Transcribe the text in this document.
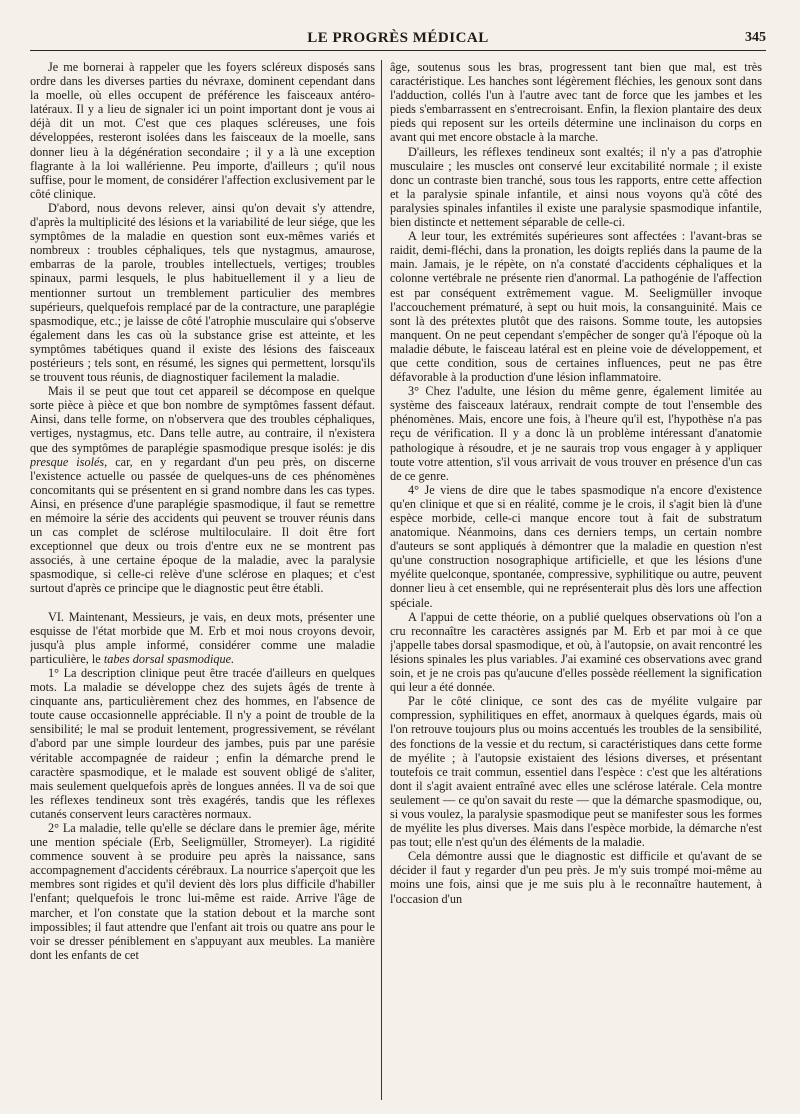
LE PROGRÈS MÉDICAL	345

Je me bornerai à rappeler que les foyers scléreux disposés sans ordre dans les diverses parties du névraxe, dominent cependant dans la moelle, où elles occupent de préférence les faisceaux antéro-latéraux. Il y a lieu de signaler ici un point important dont je vous ai déjà dit un mot. C'est que ces plaques scléreuses, une fois développées, resteront isolées dans les faisceaux de la moelle, sans donner lieu à la dégénération secondaire ; il y a là une exception flagrante à la loi wallérienne. Peu importe, d'ailleurs ; qu'il nous suffise, pour le moment, de considérer l'affection exclusivement par le côté clinique.

D'abord, nous devons relever, ainsi qu'on devait s'y attendre, d'après la multiplicité des lésions et la variabilité de leur siége, que les symptômes de la maladie en question sont eux-mêmes variés et nombreux : troubles céphaliques, tels que nystagmus, amaurose, embarras de la parole, troubles intellectuels, vertiges; troubles spinaux, parmi lesquels, le plus habituellement il y a lieu de mentionner surtout un tremblement particulier des membres supérieurs, quelquefois remplacé par de la contracture, une paraplégie spasmodique, etc.; je laisse de côté l'atrophie musculaire qui s'observe également dans les cas où la substance grise est atteinte, et les symptômes tabétiques quand il existe des lésions des faisceaux postérieurs ; tels sont, en résumé, les signes qui permettent, lorsqu'ils se trouvent tous réunis, de diagnostiquer facilement la maladie.

Mais il se peut que tout cet appareil se décompose en quelque sorte pièce à pièce et que bon nombre de symptômes fassent défaut. Ainsi, dans telle forme, on n'observera que des troubles céphaliques, vertiges, nystagmus, etc. Dans telle autre, au contraire, il n'existera que des symptômes de paraplégie spasmodique presque isolés: je dis presque isolés, car, en y regardant d'un peu près, on discerne l'existence actuelle ou passée de quelques-uns de ces phénomènes concomitants qui se présentent en si grand nombre dans les cas types. Ainsi, en présence d'une paraplégie spasmodique, il faut se remettre en mémoire la série des accidents qui peuvent se trouver réunis dans un cas complet de sclérose multiloculaire. Il doit être fort exceptionnel que deux ou trois d'entre eux ne se montrent pas associés, à une certaine époque de la maladie, avec la paralysie spasmodique, si celle-ci relève d'une sclérose en plaques; et c'est surtout d'après ce principe que le diagnostic peut être établi.

VI. Maintenant, Messieurs, je vais, en deux mots, présenter une esquisse de l'état morbide que M. Erb et moi nous croyons devoir, jusqu'à plus ample informé, considérer comme une maladie particulière, le tabes dorsal spasmodique.

1° La description clinique peut être tracée d'ailleurs en quelques mots. La maladie se développe chez des sujets âgés de trente à cinquante ans, particulièrement chez des hommes, en l'absence de toute cause occasionnelle appréciable. Il n'y a point de trouble de la sensibilité; le mal se produit lentement, progressivement, se révélant d'abord par une simple lourdeur des jambes, puis par une parésie véritable accompagnée de raideur ; enfin la démarche prend le caractère spasmodique, et le malade est souvent obligé de s'aliter, mais seulement quelquefois après de longues années. Il va de soi que les réflexes tendineux sont très exagérés, tandis que les réflexes cutanés conservent leurs caractères normaux.

2° La maladie, telle qu'elle se déclare dans le premier âge, mérite une mention spéciale (Erb, Seeligmüller, Stromeyer). La rigidité commence souvent à se produire peu après la naissance, sans accompagnement d'accidents cérébraux. La nourrice s'aperçoit que les membres sont rigides et qu'il devient dès lors plus difficile d'habiller l'enfant; quelquefois le tronc lui-même est raide. Arrive l'âge de marcher, et l'on constate que la station debout et la marche sont impossibles; il faut attendre que l'enfant ait trois ou quatre ans pour le voir se dresser péniblement en s'appuyant aux meubles. La manière dont les enfants de cet

âge, soutenus sous les bras, progressent tant bien que mal, est très caractéristique. Les hanches sont légèrement fléchies, les genoux sont dans l'adduction, collés l'un à l'autre avec tant de force que les jambes et les pieds s'embarrassent en s'entrecroisant. Enfin, la flexion plantaire des deux pieds qui reposent sur les orteils détermine une inclinaison du corps en avant qui met encore obstacle à la marche.

D'ailleurs, les réflexes tendineux sont exaltés; il n'y a pas d'atrophie musculaire ; les muscles ont conservé leur excitabilité normale ; il existe donc un contraste bien tranché, sous tous les rapports, entre cette affection et la paralysie spinale infantile, et ainsi nous voyons qu'à côté des paralysies spinales infantiles il existe une paralysie spasmodique infantile, bien distincte et nettement séparable de celle-ci.

A leur tour, les extrémités supérieures sont affectées : l'avant-bras se raidit, demi-fléchi, dans la pronation, les doigts repliés dans la paume de la main. Jamais, je le répète, on n'a constaté d'accidents céphaliques et la colonne vertébrale ne présente rien d'anormal. La pathogénie de l'affection est par conséquent extrêmement vague. M. Seeligmüller invoque l'accouchement prématuré, à sept ou huit mois, la consanguinité. Mais ce sont là des prétextes plutôt que des raisons. Somme toute, les autopsies manquent. On ne peut cependant s'empêcher de songer qu'à l'époque où la maladie débute, le faisceau latéral est en pleine voie de développement, et que cette condition, sous de certaines influences, peut ne pas être défavorable à la production d'une lésion inflammatoire.

3° Chez l'adulte, une lésion du même genre, également limitée au système des faisceaux latéraux, rendrait compte de tout l'ensemble des phénomènes. Mais, encore une fois, à l'heure qu'il est, l'hypothèse n'a pas reçu de vérification. Il y a donc là un problème intéressant d'anatomie pathologique à résoudre, et je ne saurais trop vous engager à y appliquer toute votre attention, s'il vous arrivait de vous trouver en présence d'un cas de ce genre.

4° Je viens de dire que le tabes spasmodique n'a encore d'existence qu'en clinique et que si en réalité, comme je le crois, il s'agit bien là d'une espèce morbide, celle-ci manque encore tout à fait de substratum anatomique. Néanmoins, dans ces derniers temps, un certain nombre d'auteurs se sont appliqués à démontrer que la maladie en question n'est qu'une construction nosographique artificielle, et que les lésions d'une myélite quelconque, spontanée, compressive, syphilitique ou autre, peuvent donner lieu à cet ensemble, qui ne représenterait plus dès lors une affection spéciale.

A l'appui de cette théorie, on a publié quelques observations où l'on a cru reconnaître les caractères assignés par M. Erb et par moi à ce que j'appelle tabes dorsal spasmodique, et où, à l'autopsie, on avait rencontré les lésions spinales les plus variables. J'ai examiné ces observations avec grand soin, et je ne crois pas qu'aucune d'elles possède réellement la signification qui leur a été donnée.

Par le côté clinique, ce sont des cas de myélite vulgaire par compression, syphilitiques en effet, anormaux à quelques égards, mais où l'on retrouve toujours plus ou moins accentués les troubles de la sensibilité, des fonctions de la vessie et du rectum, si caractéristiques dans cette forme de myélite ; à l'autopsie existaient des lésions diverses, et présentant toutefois ce trait commun, essentiel dans l'espèce : c'est que les altérations dont il s'agit avaient entraîné avec elles une sclérose latérale. Cela montre seulement — ce qu'on savait du reste — que la démarche spasmodique, ou, si vous voulez, la paralysie spasmodique peut se manifester sous les formes de myélite les plus diverses. Mais dans l'espèce morbide, la démarche n'est pas tout; elle n'est qu'un des éléments de la maladie.

Cela démontre aussi que le diagnostic est difficile et qu'avant de se décider il faut y regarder d'un peu près. Je m'y suis trompé moi-même au moins une fois, ainsi que je me suis plu à le reconnaître hautement, à l'occasion d'un
